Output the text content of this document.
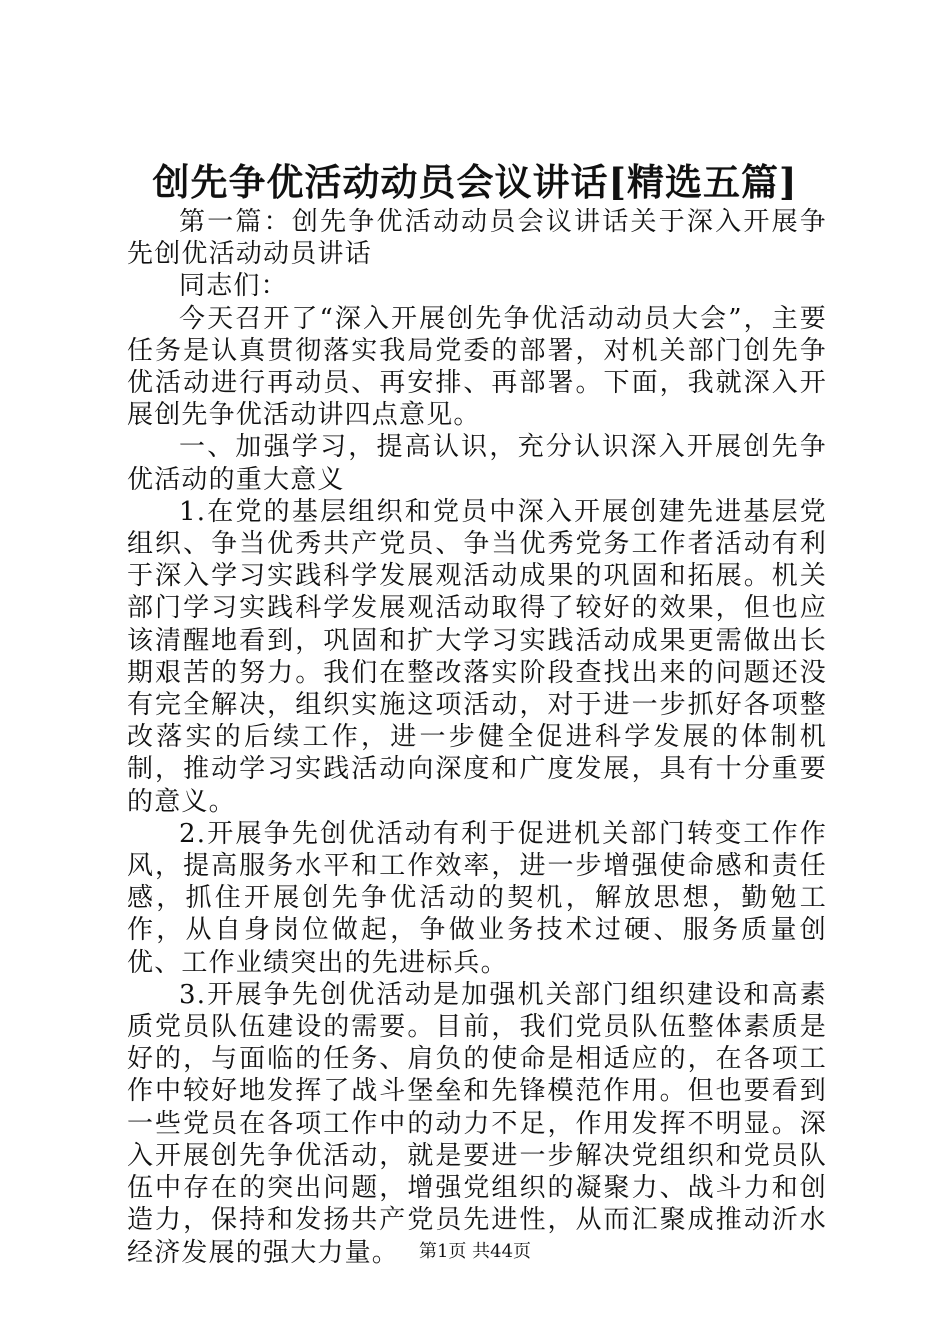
创先争优活动动员会议讲话[精选五篇]

第一篇：创先争优活动动员会议讲话关于深入开展争先创优活动动员讲话

同志们：

今天召开了“深入开展创先争优活动动员大会”，主要任务是认真贯彻落实我局党委的部署，对机关部门创先争优活动进行再动员、再安排、再部署。下面，我就深入开展创先争优活动讲四点意见。

一、加强学习，提高认识，充分认识深入开展创先争优活动的重大意义

1.在党的基层组织和党员中深入开展创建先进基层党组织、争当优秀共产党员、争当优秀党务工作者活动有利于深入学习实践科学发展观活动成果的巩固和拓展。机关部门学习实践科学发展观活动取得了较好的效果，但也应该清醒地看到，巩固和扩大学习实践活动成果更需做出长期艰苦的努力。我们在整改落实阶段查找出来的问题还没有完全解决，组织实施这项活动，对于进一步抓好各项整改落实的后续工作，进一步健全促进科学发展的体制机制，推动学习实践活动向深度和广度发展，具有十分重要的意义。

2.开展争先创优活动有利于促进机关部门转变工作作风，提高服务水平和工作效率，进一步增强使命感和责任感，抓住开展创先争优活动的契机，解放思想，勤勉工作，从自身岗位做起，争做业务技术过硬、服务质量创优、工作业绩突出的先进标兵。

3.开展争先创优活动是加强机关部门组织建设和高素质党员队伍建设的需要。目前，我们党员队伍整体素质是好的，与面临的任务、肩负的使命是相适应的，在各项工作中较好地发挥了战斗堡垒和先锋模范作用。但也要看到一些党员在各项工作中的动力不足，作用发挥不明显。深入开展创先争优活动，就是要进一步解决党组织和党员队伍中存在的突出问题，增强党组织的凝聚力、战斗力和创造力，保持和发扬共产党员先进性，从而汇聚成推动沂水经济发展的强大力量。	第1页 共44页
